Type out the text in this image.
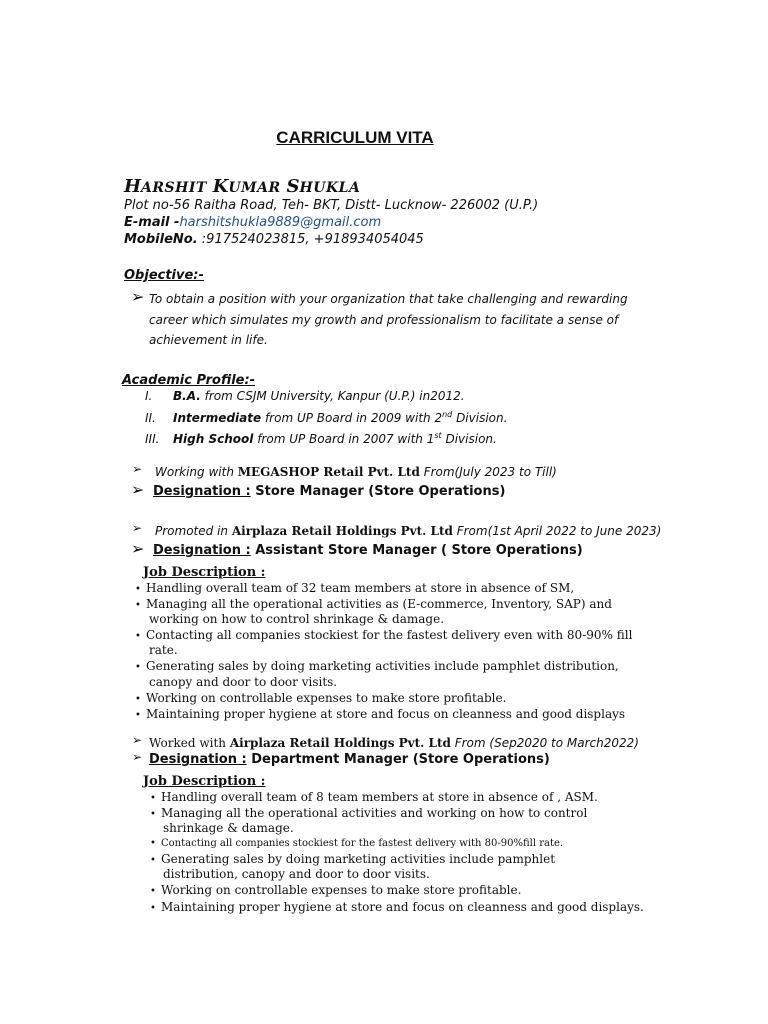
CARRICULUM VITA
HARSHIT KUMAR SHUKLA
Plot no-56 Raitha Road, Teh- BKT, Distt- Lucknow- 226002 (U.P.)
E-mail -harshitshukla9889@gmail.com
MobileNo. :917524023815, +918934054045
Objective:-
➢ To obtain a position with your organization that take challenging and rewarding
career which simulates my growth and professionalism to facilitate a sense of
achievement in life.
Academic Profile:-
I. B.A. from CSJM University, Kanpur (U.P.) in2012.
II. Intermediate from UP Board in 2009 with 2nd Division.
III. High School from UP Board in 2007 with 1st Division.
➢ Working with MEGASHOP Retail Pvt. Ltd From(July 2023 to Till)
➢ Designation : Store Manager (Store Operations)
➢ Promoted in Airplaza Retail Holdings Pvt. Ltd From(1st April 2022 to June 2023)
➢ Designation : Assistant Store Manager ( Store Operations)
Job Description :
• Handling overall team of 32 team members at store in absence of SM,
• Managing all the operational activities as (E-commerce, Inventory, SAP) and
working on how to control shrinkage & damage.
• Contacting all companies stockiest for the fastest delivery even with 80-90% fill
rate.
• Generating sales by doing marketing activities include pamphlet distribution,
canopy and door to door visits.
• Working on controllable expenses to make store profitable.
• Maintaining proper hygiene at store and focus on cleanness and good displays
➢ Worked with Airplaza Retail Holdings Pvt. Ltd From (Sep2020 to March2022)
➢ Designation : Department Manager (Store Operations)
Job Description :
• Handling overall team of 8 team members at store in absence of , ASM.
• Managing all the operational activities and working on how to control
shrinkage & damage.
• Contacting all companies stockiest for the fastest delivery with 80-90%fill rate.
• Generating sales by doing marketing activities include pamphlet
distribution, canopy and door to door visits.
• Working on controllable expenses to make store profitable.
• Maintaining proper hygiene at store and focus on cleanness and good displays.
